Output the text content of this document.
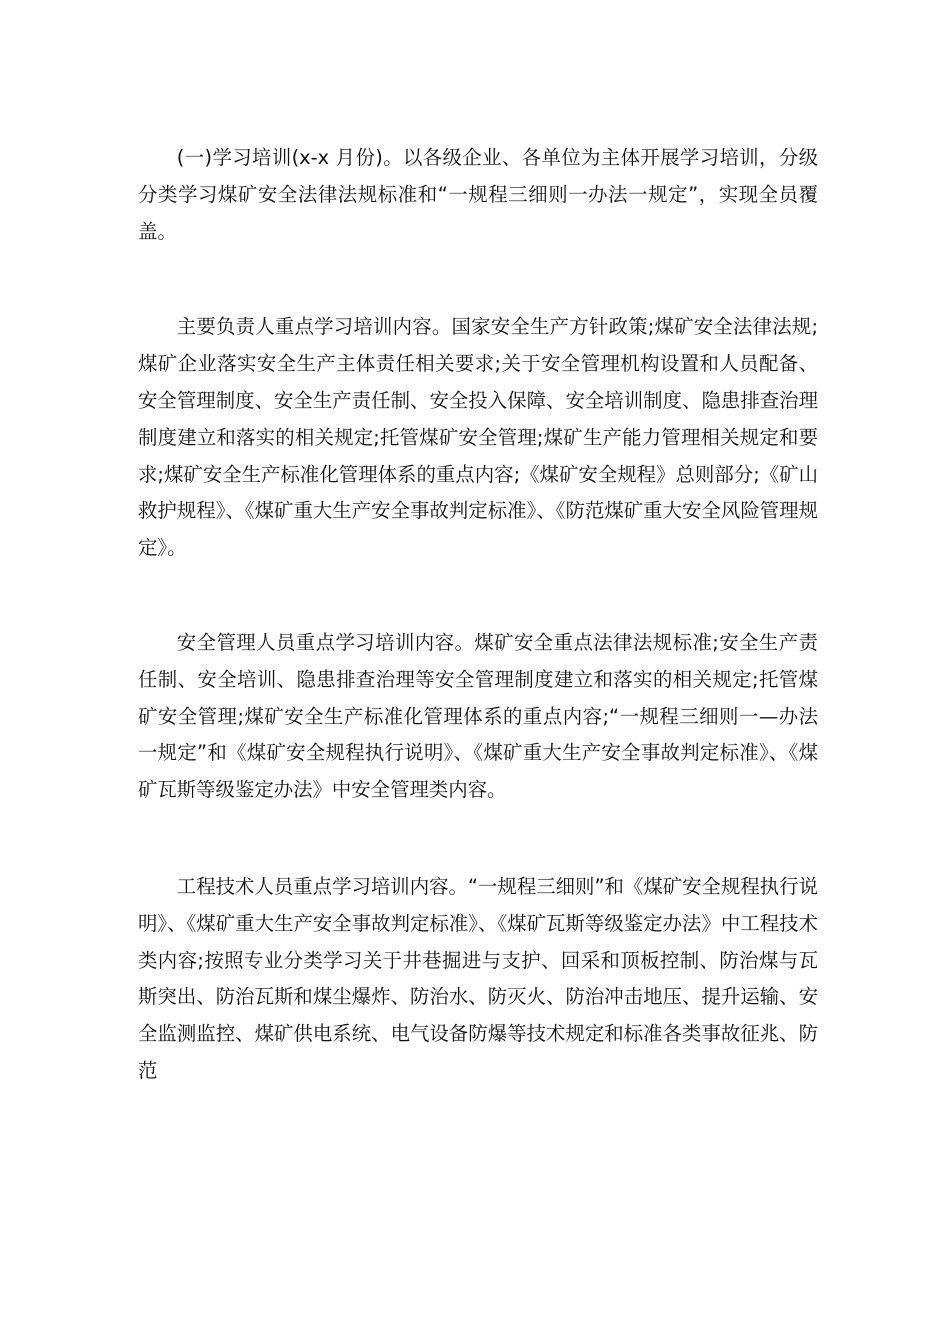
(一)学习培训(x-x 月份)。以各级企业、各单位为主体开展学习培训，分级分类学习煤矿安全法律法规标准和“一规程三细则一办法一规定”，实现全员覆盖。

主要负责人重点学习培训内容。国家安全生产方针政策;煤矿安全法律法规;煤矿企业落实安全生产主体责任相关要求;关于安全管理机构设置和人员配备、安全管理制度、安全生产责任制、安全投入保障、安全培训制度、隐患排查治理制度建立和落实的相关规定;托管煤矿安全管理;煤矿生产能力管理相关规定和要求;煤矿安全生产标准化管理体系的重点内容;《煤矿安全规程》总则部分;《矿山救护规程》、《煤矿重大生产安全事故判定标准》、《防范煤矿重大安全风险管理规定》。

安全管理人员重点学习培训内容。煤矿安全重点法律法规标准;安全生产责任制、安全培训、隐患排查治理等安全管理制度建立和落实的相关规定;托管煤矿安全管理;煤矿安全生产标准化管理体系的重点内容;“一规程三细则一—办法一规定”和《煤矿安全规程执行说明》、《煤矿重大生产安全事故判定标准》、《煤矿瓦斯等级鉴定办法》中安全管理类内容。

工程技术人员重点学习培训内容。“一规程三细则”和《煤矿安全规程执行说明》、《煤矿重大生产安全事故判定标准》、《煤矿瓦斯等级鉴定办法》中工程技术类内容;按照专业分类学习关于井巷掘进与支护、回采和顶板控制、防治煤与瓦斯突出、防治瓦斯和煤尘爆炸、防治水、防灭火、防治冲击地压、提升运输、安全监测监控、煤矿供电系统、电气设备防爆等技术规定和标准各类事故征兆、防范
